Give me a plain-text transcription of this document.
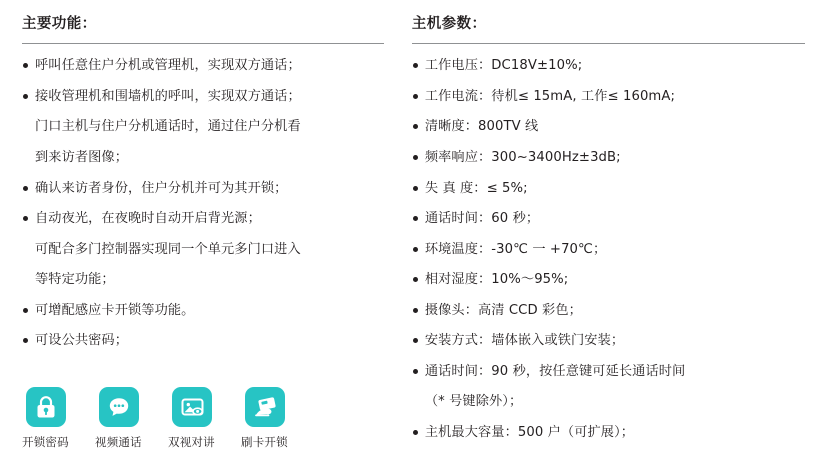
主要功能：
呼叫任意住户分机或管理机，实现双方通话；
接收管理机和围墙机的呼叫，实现双方通话；
门口主机与住户分机通话时，通过住户分机看
到来访者图像；
确认来访者身份，住户分机并可为其开锁；
自动夜光，在夜晚时自动开启背光源；
可配合多门控制器实现同一个单元多门口进入
等特定功能；
可增配感应卡开锁等功能。
可设公共密码；
主机参数：
工作电压：DC18V±10%;
工作电流：待机≤ 15mA, 工作≤ 160mA;
清晰度：800TV 线
频率响应：300~3400Hz±3dB;
失 真 度：≤ 5%;
通话时间：60 秒；
环境温度：-30℃ 一 +70℃；
相对湿度：10%～95%;
摄像头：高清 CCD 彩色；
安装方式：墙体嵌入或铁门安装；
通话时间：90 秒，按任意键可延长通话时间
（* 号键除外）；
主机最大容量：500 户（可扩展）；
开锁密码 视频通话 双视对讲 刷卡开锁
